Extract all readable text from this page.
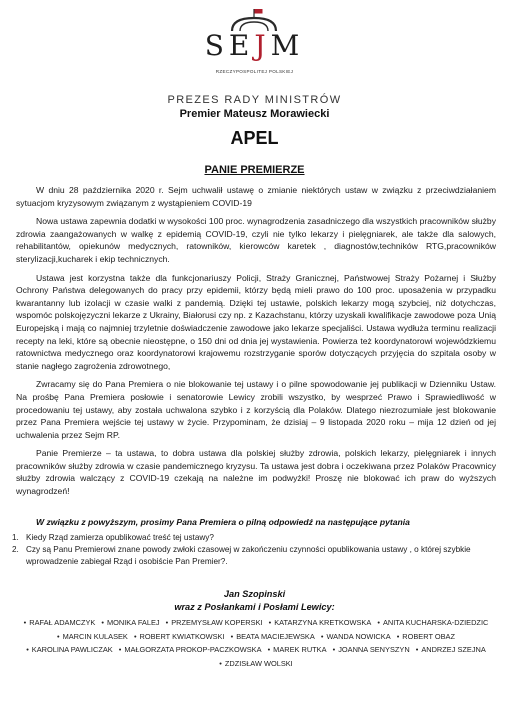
SEJM
RZECZYPOSPOLITEJ POLSKIEJ
PREZES RADY MINISTRÓW
Premier Mateusz Morawiecki
APEL
PANIE PREMIERZE

W dniu 28 października 2020 r. Sejm uchwalił ustawę o zmianie niektórych ustaw w związku z przeciwdziałaniem sytuacjom kryzysowym związanym z wystąpieniem COVID-19

Nowa ustawa zapewnia dodatki w wysokości 100 proc. wynagrodzenia zasadniczego dla wszystkich pracowników służby zdrowia zaangażowanych w walkę z epidemią COVID-19, czyli nie tylko lekarzy i pielęgniarek, ale także dla salowych, rehabilitantów, opiekunów medycznych, ratowników, kierowców karetek , diagnostów,techników RTG,pracowników sterylizacji,kucharek i ekip technicznych.

Ustawa jest korzystna także dla funkcjonariuszy Policji, Straży Granicznej, Państwowej Straży Pożarnej i Służby Ochrony Państwa delegowanych do pracy przy epidemii, którzy będą mieli prawo do 100 proc. uposażenia w przypadku kwarantanny lub izolacji w czasie walki z pandemią. Dzięki tej ustawie, polskich lekarzy mogą szybciej, niż dotychczas, wspomóc polskojęzyczni lekarze z Ukrainy, Białorusi czy np. z Kazachstanu, którzy uzyskali kwalifikacje zawodowe poza Unią Europejską i mają co najmniej trzyletnie doświadczenie zawodowe jako lekarze specjaliści. Ustawa wydłuża terminu realizacji recepty na leki, które są obecnie nieostępne, o 150 dni od dnia jej wystawienia. Powierza też koordynatorowi wojewódzkiemu ratownictwa medycznego oraz koordynatorowi krajowemu rozstrzyganie sporów dotyczących przyjęcia do szpitala osoby w stanie nagłego zagrożenia zdrowotnego,

Zwracamy się do Pana Premiera o nie blokowanie tej ustawy i o pilne spowodowanie jej publikacji w Dzienniku Ustaw. Na prośbę Pana Premiera posłowie i senatorowie Lewicy zrobili wszystko, by wesprzeć Prawo i Sprawiedliwość w procedowaniu tej ustawy, aby została uchwalona szybko i z korzyścią dla Polaków. Dlatego niezrozumiałe jest blokowanie przez Pana Premiera wejście tej ustawy w życie. Przypominam, że dzisiaj – 9 listopada 2020 roku – mija 12 dzień od jej uchwalenia przez Sejm RP.

Panie Premierze – ta ustawa, to dobra ustawa dla polskiej służby zdrowia, polskich lekarzy, pielęgniarek i innych pracowników służby zdrowia w czasie pandemicznego kryzysu. Ta ustawa jest dobra i oczekiwana przez Polaków Pracownicy służby zdrowia walczący z COVID-19 czekają na należne im podwyżki! Proszę nie blokować ich praw do wyższych wynagrodzeń!

W związku z powyższym, prosimy Pana Premiera o pilną odpowiedź na następujące pytania
1. Kiedy Rząd zamierza opublikować treść tej ustawy?
2. Czy są Panu Premierowi znane powody zwłoki czasowej w zakończeniu czynności opublikowania ustawy , o której szybkie wprowadzenie zabiegał Rząd i osobiście Pan Premier?.
Jan Szopinski
wraz z Posłankami i Posłami Lewicy:
• RAFAŁ ADAMCZYK • MONIKA FALEJ • PRZEMYSŁAW KOPERSKI • KATARZYNA KRETKOWSKA • ANITA KUCHARSKA-DZIEDZIC • MARCIN KULASEK • ROBERT KWIATKOWSKI • BEATA MACIEJEWSKA • WANDA NOWICKA • ROBERT OBAZ • KAROLINA PAWLICZAK • MAŁGORZATA PROKOP-PACZKOWSKA • MAREK RUTKA • JOANNA SENYSZYN • ANDRZEJ SZEJNA • ZDZISŁAW WOLSKI
